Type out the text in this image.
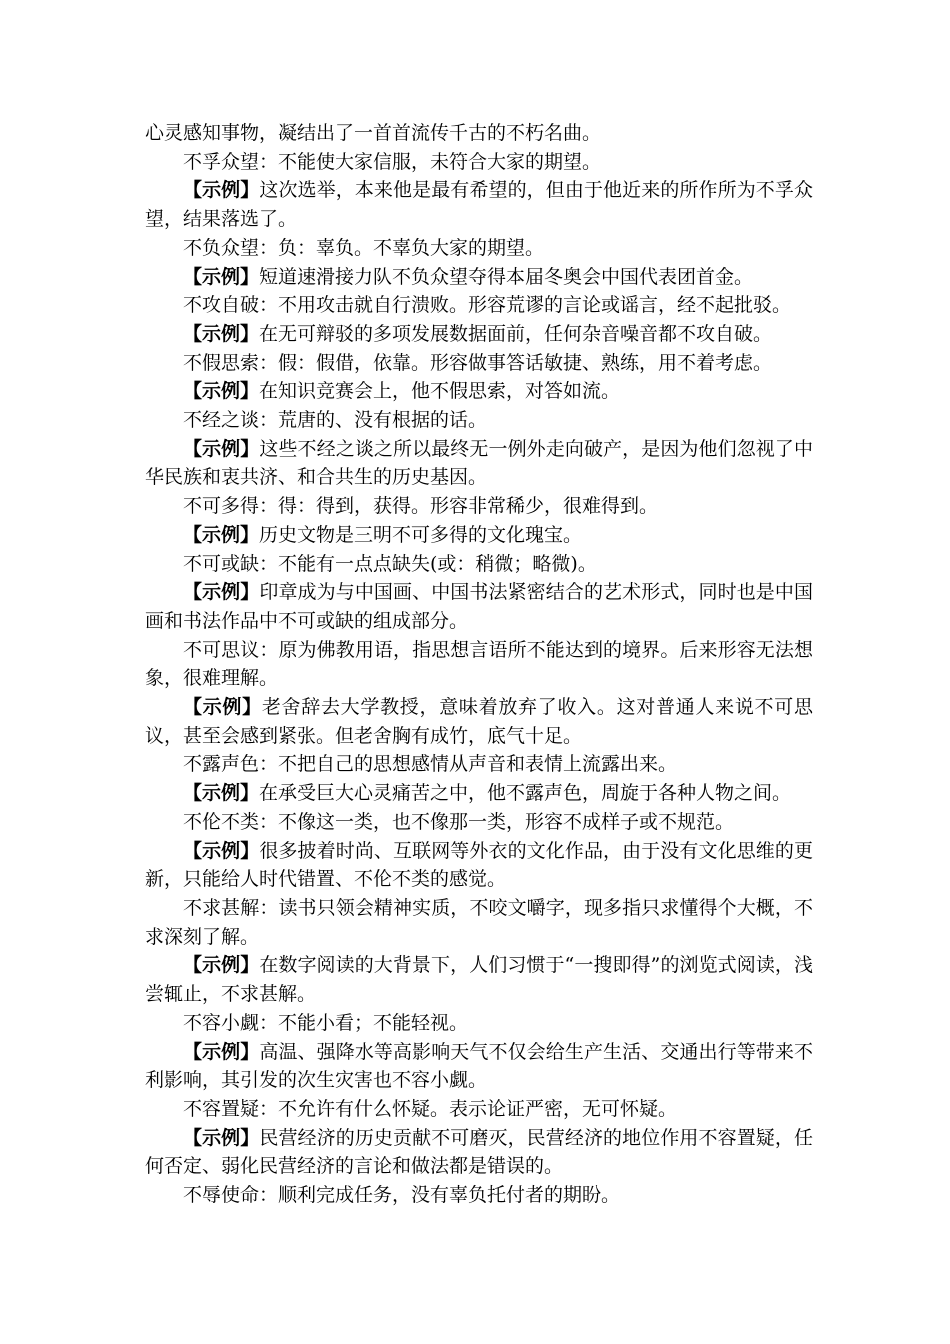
心灵感知事物，凝结出了一首首流传千古的不朽名曲。

不孚众望：不能使大家信服，未符合大家的期望。

【示例】这次选举，本来他是最有希望的，但由于他近来的所作所为不孚众望，结果落选了。

不负众望：负：辜负。不辜负大家的期望。

【示例】短道速滑接力队不负众望夺得本届冬奥会中国代表团首金。

不攻自破：不用攻击就自行溃败。形容荒谬的言论或谣言，经不起批驳。

【示例】在无可辩驳的多项发展数据面前，任何杂音噪音都不攻自破。

不假思索：假：假借，依靠。形容做事答话敏捷、熟练，用不着考虑。

【示例】在知识竞赛会上，他不假思索，对答如流。

不经之谈：荒唐的、没有根据的话。

【示例】这些不经之谈之所以最终无一例外走向破产，是因为他们忽视了中华民族和衷共济、和合共生的历史基因。

不可多得：得：得到，获得。形容非常稀少，很难得到。

【示例】历史文物是三明不可多得的文化瑰宝。

不可或缺：不能有一点点缺失(或：稍微；略微)。

【示例】印章成为与中国画、中国书法紧密结合的艺术形式，同时也是中国画和书法作品中不可或缺的组成部分。

不可思议：原为佛教用语，指思想言语所不能达到的境界。后来形容无法想象，很难理解。

【示例】老舍辞去大学教授，意味着放弃了收入。这对普通人来说不可思议，甚至会感到紧张。但老舍胸有成竹，底气十足。

不露声色：不把自己的思想感情从声音和表情上流露出来。

【示例】在承受巨大心灵痛苦之中，他不露声色，周旋于各种人物之间。

不伦不类：不像这一类，也不像那一类，形容不成样子或不规范。

【示例】很多披着时尚、互联网等外衣的文化作品，由于没有文化思维的更新，只能给人时代错置、不伦不类的感觉。

不求甚解：读书只领会精神实质，不咬文嚼字，现多指只求懂得个大概，不求深刻了解。

【示例】在数字阅读的大背景下，人们习惯于“一搜即得”的浏览式阅读，浅尝辄止，不求甚解。

不容小觑：不能小看；不能轻视。

【示例】高温、强降水等高影响天气不仅会给生产生活、交通出行等带来不利影响，其引发的次生灾害也不容小觑。

不容置疑：不允许有什么怀疑。表示论证严密，无可怀疑。

【示例】民营经济的历史贡献不可磨灭，民营经济的地位作用不容置疑，任何否定、弱化民营经济的言论和做法都是错误的。

不辱使命：顺利完成任务，没有辜负托付者的期盼。
